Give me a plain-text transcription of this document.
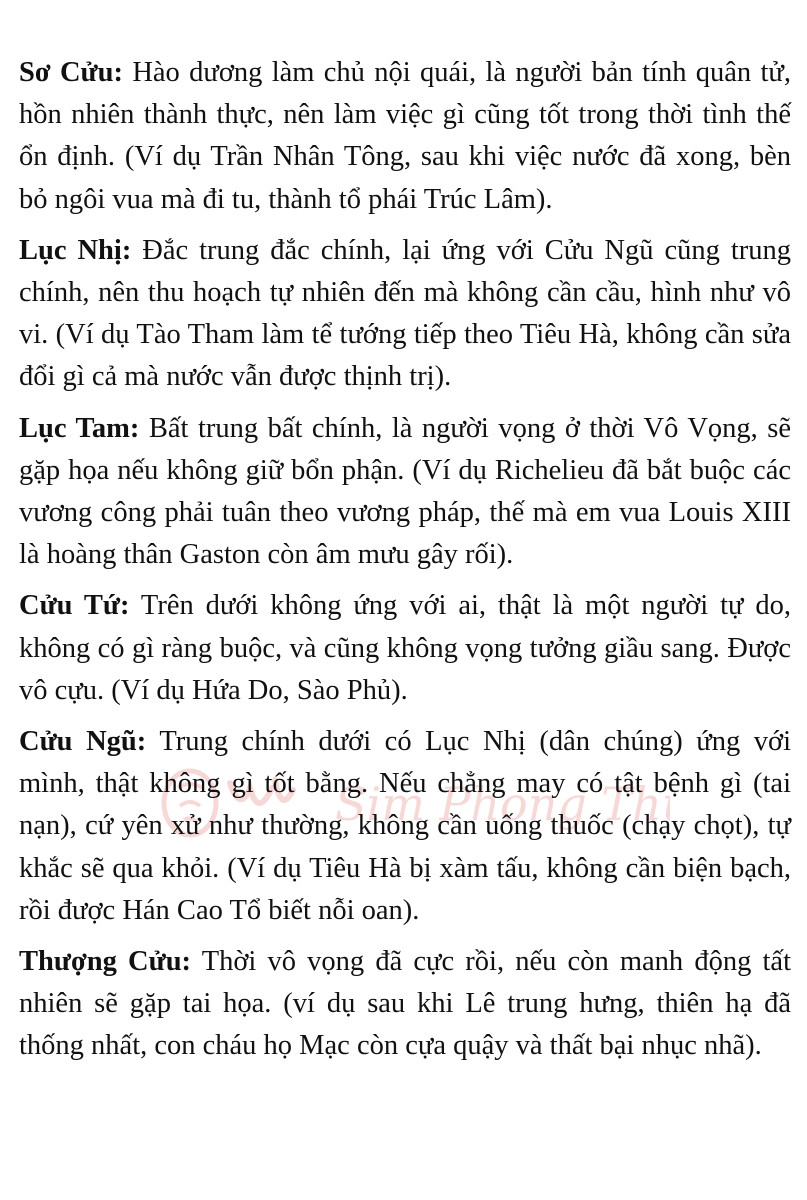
Sim Phong Th

Sơ Cửu: Hào dương làm chủ nội quái, là người bản tính quân tử, hồn nhiên thành thực, nên làm việc gì cũng tốt trong thời tình thế ổn định. (Ví dụ Trần Nhân Tông, sau khi việc nước đã xong, bèn bỏ ngôi vua mà đi tu, thành tổ phái Trúc Lâm).

Lục Nhị: Đắc trung đắc chính, lại ứng với Cửu Ngũ cũng trung chính, nên thu hoạch tự nhiên đến mà không cần cầu, hình như vô vi. (Ví dụ Tào Tham làm tể tướng tiếp theo Tiêu Hà, không cần sửa đổi gì cả mà nước vẫn được thịnh trị).

Lục Tam: Bất trung bất chính, là người vọng ở thời Vô Vọng, sẽ gặp họa nếu không giữ bổn phận. (Ví dụ Richelieu đã bắt buộc các vương công phải tuân theo vương pháp, thế mà em vua Louis XIII là hoàng thân Gaston còn âm mưu gây rối).

Cửu Tứ: Trên dưới không ứng với ai, thật là một người tự do, không có gì ràng buộc, và cũng không vọng tưởng giầu sang. Được vô cựu. (Ví dụ Hứa Do, Sào Phủ).

Cửu Ngũ: Trung chính dưới có Lục Nhị (dân chúng) ứng với mình, thật không gì tốt bằng. Nếu chẳng may có tật bệnh gì (tai nạn), cứ yên xử như thường, không cần uống thuốc (chạy chọt), tự khắc sẽ qua khỏi. (Ví dụ Tiêu Hà bị xàm tấu, không cần biện bạch, rồi được Hán Cao Tổ biết nỗi oan).

Thượng Cửu: Thời vô vọng đã cực rồi, nếu còn manh động tất nhiên sẽ gặp tai họa. (ví dụ sau khi Lê trung hưng, thiên hạ đã thống nhất, con cháu họ Mạc còn cựa quậy và thất bại nhục nhã).
